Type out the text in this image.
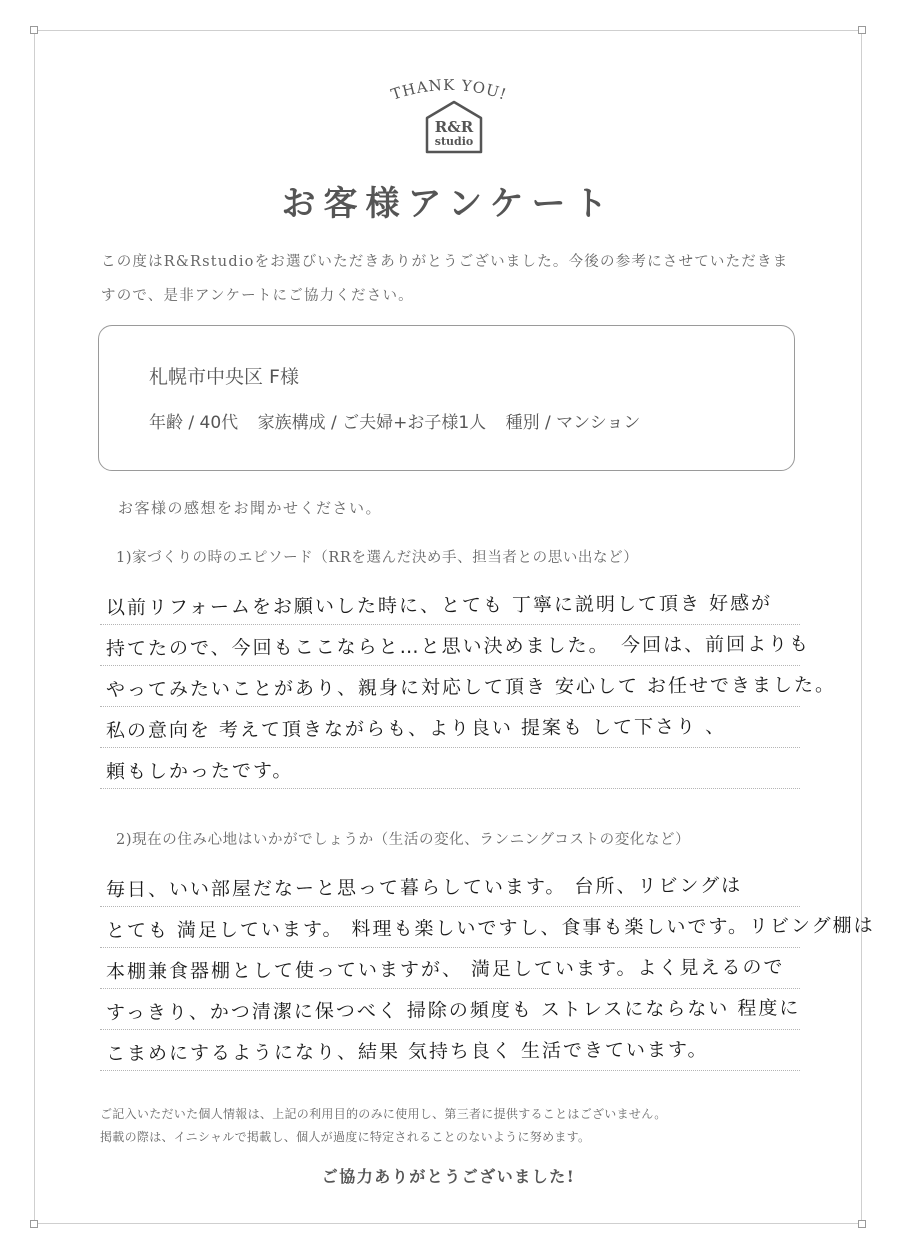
THANK YOU!
R&R
studio
お客様アンケート
この度はR&Rstudioをお選びいただきありがとうございました。今後の参考にさせていただきますので、是非アンケートにご協力ください。
札幌市中央区 F様
年齢 / 40代 家族構成 / ご夫婦+お子様1人 種別 / マンション
お客様の感想をお聞かせください。
1)家づくりの時のエピソード（RRを選んだ決め手、担当者との思い出など）
以前リフォームをお願いした時に、とても 丁寧に説明して頂き 好感が
持てたので、今回もここならと…と思い決めました。　今回は、前回よりも
やってみたいことがあり、親身に対応して頂き 安心して お任せできました。
私の意向を 考えて頂きながらも、より良い 提案も して下さり 、
頼もしかったです。
2)現在の住み心地はいかがでしょうか（生活の変化、ランニングコストの変化など）
毎日、いい部屋だなーと思って暮らしています。 台所、リビングは
とても 満足しています。 料理も楽しいですし、食事も楽しいです。リビング棚は
本棚兼食器棚として使っていますが、 満足しています。よく見えるので
すっきり、かつ清潔に保つべく 掃除の頻度も ストレスにならない 程度に
こまめにするようになり、結果 気持ち良く 生活できています。
ご記入いただいた個人情報は、上記の利用目的のみに使用し、第三者に提供することはございません。
掲載の際は、イニシャルで掲載し、個人が過度に特定されることのないように努めます。
ご協力ありがとうございました!
